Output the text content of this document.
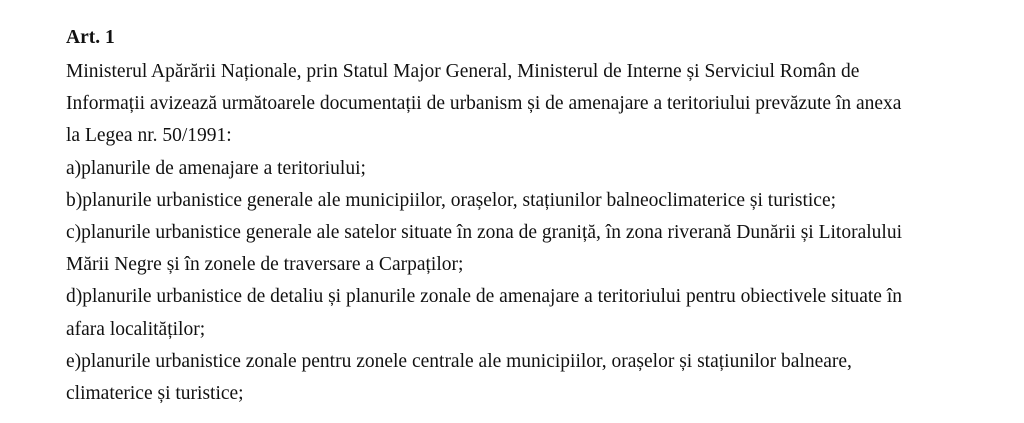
Art. 1

Ministerul Apărării Naționale, prin Statul Major General, Ministerul de Interne și Serviciul Român de

Informații avizează următoarele documentații de urbanism și de amenajare a teritoriului prevăzute în anexa

la Legea nr. 50/1991:

a)planurile de amenajare a teritoriului;

b)planurile urbanistice generale ale municipiilor, orașelor, stațiunilor balneoclimaterice și turistice;

c)planurile urbanistice generale ale satelor situate în zona de graniță, în zona riverană Dunării și Litoralului

Mării Negre și în zonele de traversare a Carpaților;

d)planurile urbanistice de detaliu și planurile zonale de amenajare a teritoriului pentru obiectivele situate în

afara localităților;

e)planurile urbanistice zonale pentru zonele centrale ale municipiilor, orașelor și stațiunilor balneare,

climaterice și turistice;
